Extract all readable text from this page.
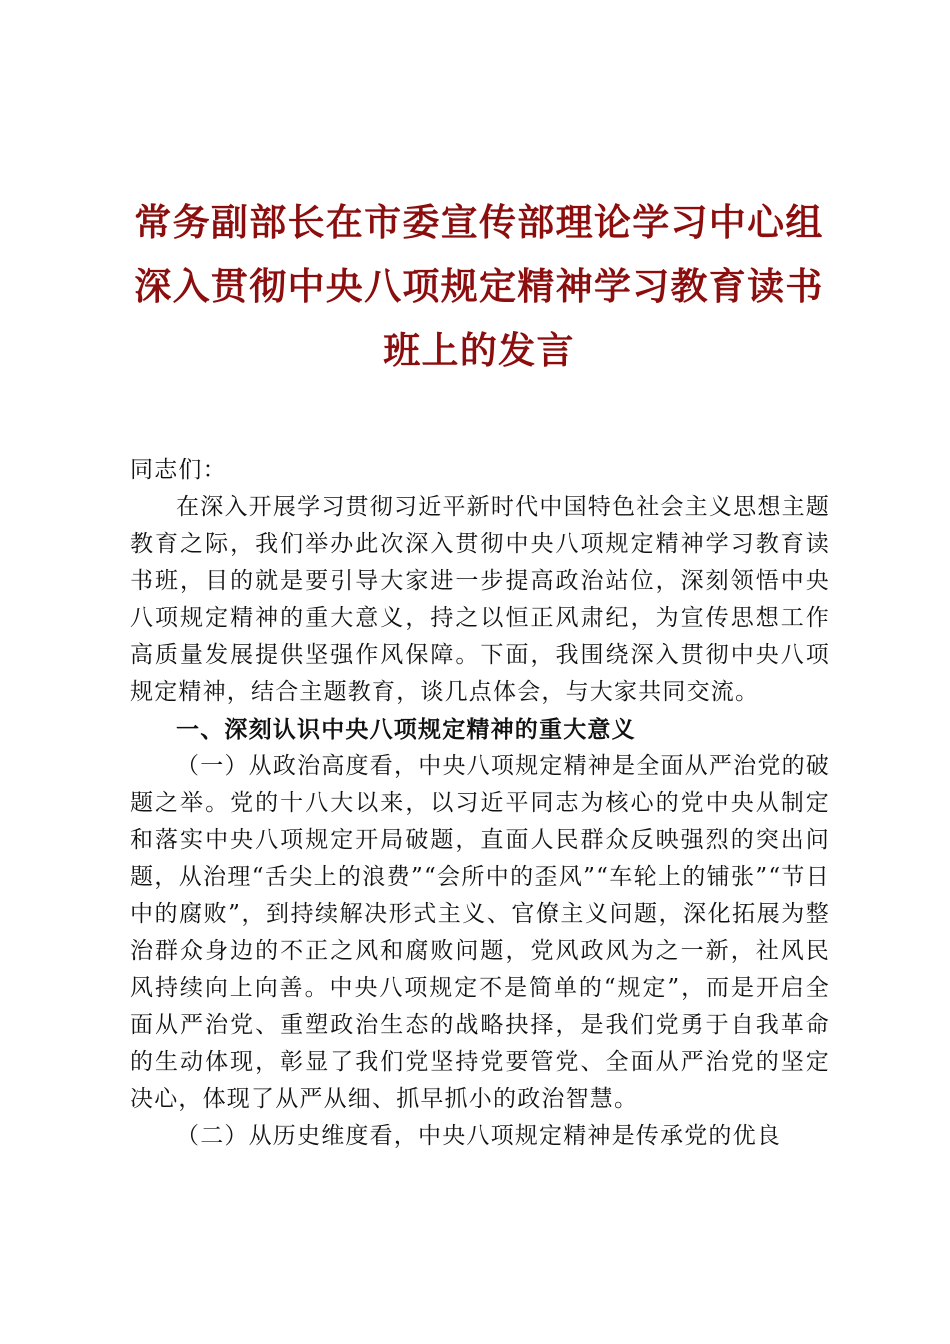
常务副部长在市委宣传部理论学习中心组深入贯彻中央八项规定精神学习教育读书班上的发言

同志们：

在深入开展学习贯彻习近平新时代中国特色社会主义思想主题教育之际，我们举办此次深入贯彻中央八项规定精神学习教育读书班，目的就是要引导大家进一步提高政治站位，深刻领悟中央八项规定精神的重大意义，持之以恒正风肃纪，为宣传思想工作高质量发展提供坚强作风保障。下面，我围绕深入贯彻中央八项规定精神，结合主题教育，谈几点体会，与大家共同交流。

一、深刻认识中央八项规定精神的重大意义

（一）从政治高度看，中央八项规定精神是全面从严治党的破题之举。党的十八大以来，以习近平同志为核心的党中央从制定和落实中央八项规定开局破题，直面人民群众反映强烈的突出问题，从治理“舌尖上的浪费”“会所中的歪风”“车轮上的铺张”“节日中的腐败”，到持续解决形式主义、官僚主义问题，深化拓展为整治群众身边的不正之风和腐败问题，党风政风为之一新，社风民风持续向上向善。中央八项规定不是简单的“规定”，而是开启全面从严治党、重塑政治生态的战略抉择，是我们党勇于自我革命的生动体现，彰显了我们党坚持党要管党、全面从严治党的坚定决心，体现了从严从细、抓早抓小的政治智慧。

（二）从历史维度看，中央八项规定精神是传承党的优良
